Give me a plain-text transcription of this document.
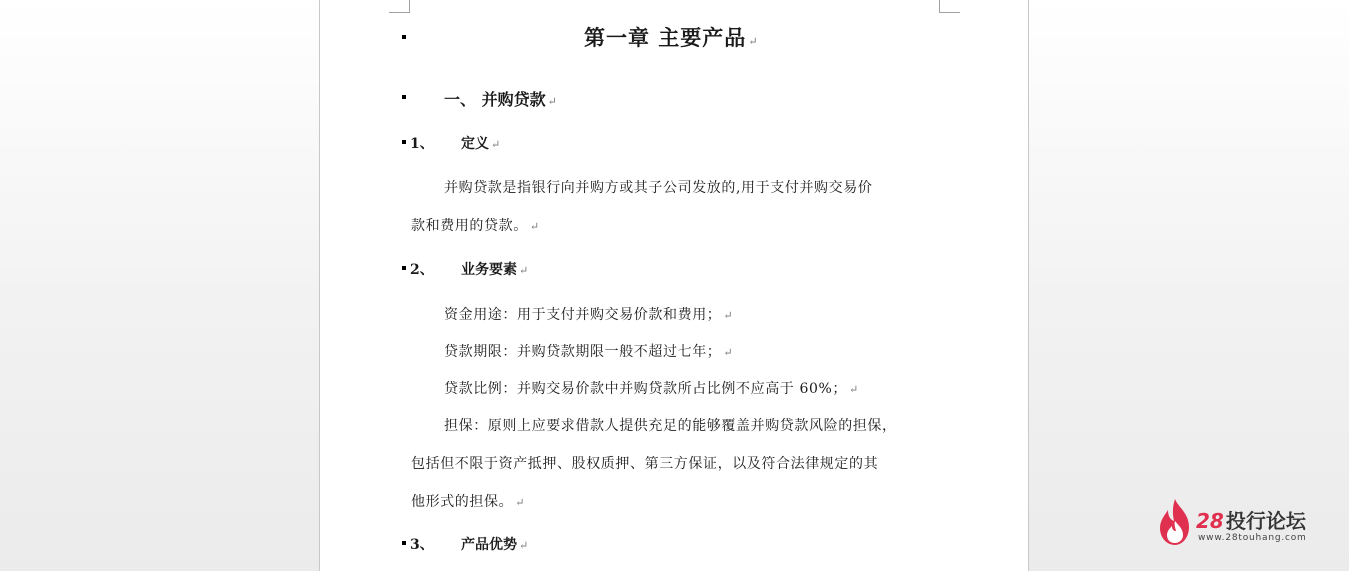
第一章 主要产品 ↵
一、 并购贷款 ↵
1、 定义 ↵
并购贷款是指银行向并购方或其子公司发放的,用于支付并购交易价
款和费用的贷款。 ↵
2、 业务要素 ↵
资金用途：用于支付并购交易价款和费用； ↵
贷款期限：并购贷款期限一般不超过七年； ↵
贷款比例：并购交易价款中并购贷款所占比例不应高于 60%； ↵
担保：原则上应要求借款人提供充足的能够覆盖并购贷款风险的担保，
包括但不限于资产抵押、股权质押、第三方保证，以及符合法律规定的其
他形式的担保。 ↵
3、 产品优势 ↵
28 投行论坛
www.28touhang.com
